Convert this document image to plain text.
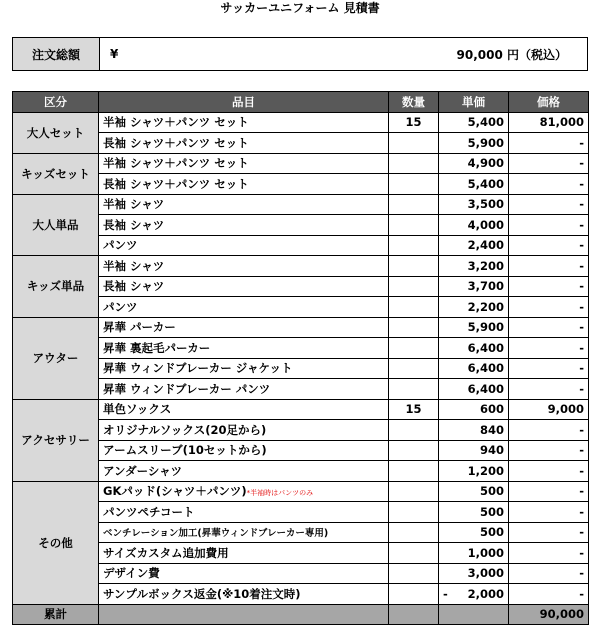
サッカーユニフォーム 見積書
注文総額	¥	90,000 円（税込）
区分	品目	数量	単価	価格
大人セット	半袖 シャツ＋パンツ セット	15	5,400	81,000
	長袖 シャツ＋パンツ セット		5,900	-
キッズセット	半袖 シャツ＋パンツ セット		4,900	-
	長袖 シャツ＋パンツ セット		5,400	-
大人単品	半袖 シャツ		3,500	-
	長袖 シャツ		4,000	-
	パンツ		2,400	-
キッズ単品	半袖 シャツ		3,200	-
	長袖 シャツ		3,700	-
	パンツ		2,200	-
アウター	昇華 パーカー		5,900	-
	昇華 裏起毛パーカー		6,400	-
	昇華 ウィンドブレーカー ジャケット		6,400	-
	昇華 ウィンドブレーカー パンツ		6,400	-
アクセサリー	単色ソックス	15	600	9,000
	オリジナルソックス(20足から)		840	-
	アームスリーブ(10セットから)		940	-
	アンダーシャツ		1,200	-
その他	GKパッド(シャツ＋パンツ)*半袖時はパンツのみ		500	-
	パンツペチコート		500	-
	ベンチレーション加工(昇華ウィンドブレーカー専用)		500	-
	サイズカスタム追加費用		1,000	-
	デザイン費		3,000	-
	サンプルボックス返金(※10着注文時)		- 2,000	-
累計				90,000
